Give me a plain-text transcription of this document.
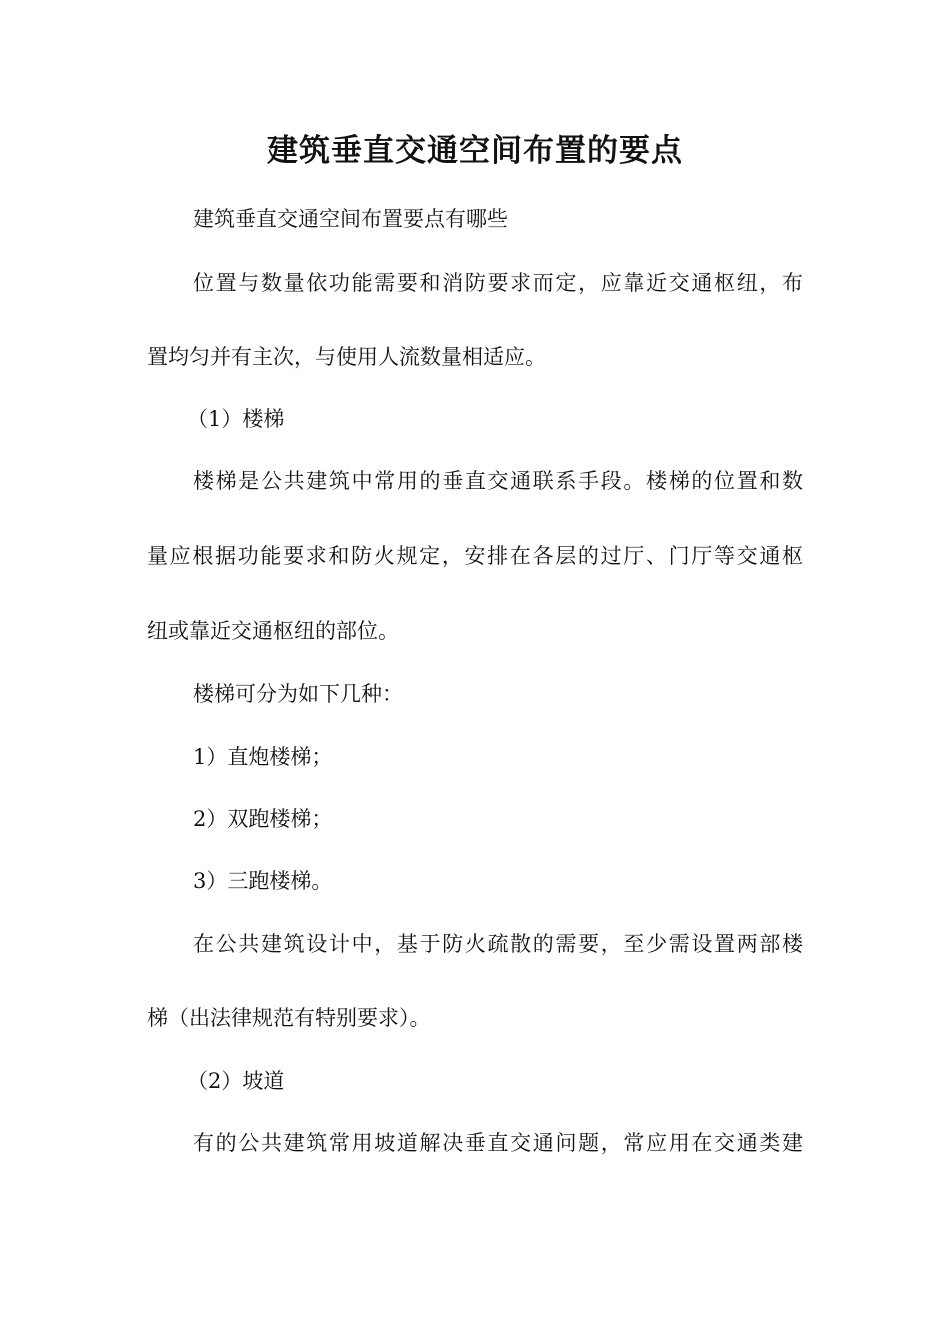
建筑垂直交通空间布置的要点
建筑垂直交通空间布置要点有哪些
位置与数量依功能需要和消防要求而定，应靠近交通枢纽，布
置均匀并有主次，与使用人流数量相适应。
（1）楼梯
楼梯是公共建筑中常用的垂直交通联系手段。楼梯的位置和数
量应根据功能要求和防火规定，安排在各层的过厅、门厅等交通枢
纽或靠近交通枢纽的部位。
楼梯可分为如下几种：
1）直炮楼梯；
2）双跑楼梯；
3）三跑楼梯。
在公共建筑设计中，基于防火疏散的需要，至少需设置两部楼
梯（出法律规范有特别要求）。
（2）坡道
有的公共建筑常用坡道解决垂直交通问题，常应用在交通类建
